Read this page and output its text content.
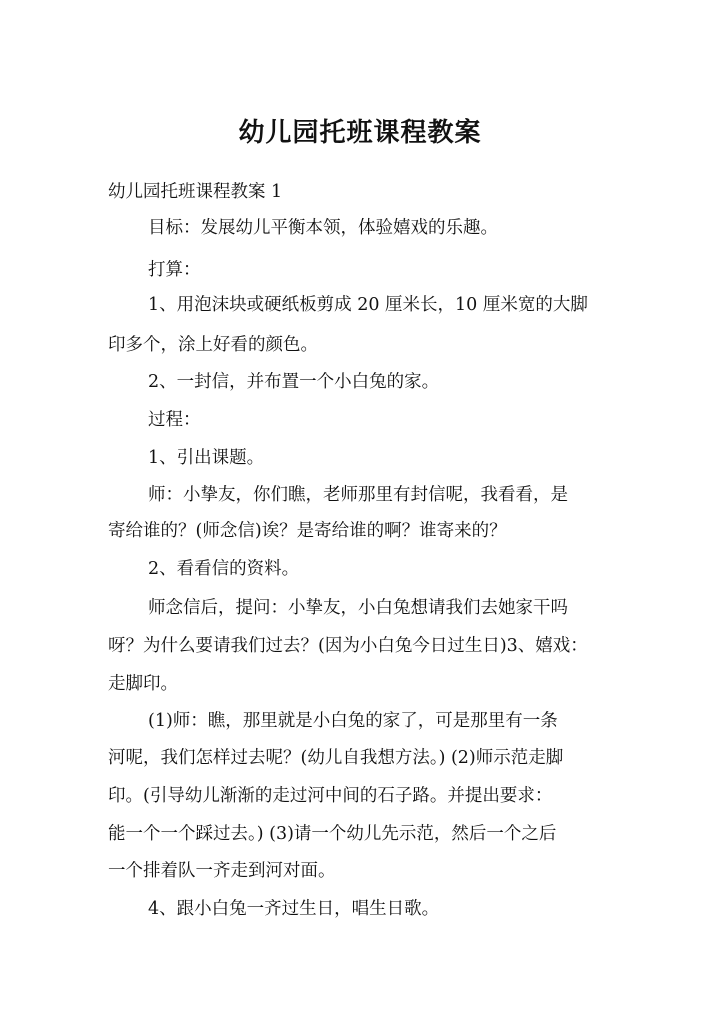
幼儿园托班课程教案

幼儿园托班课程教案 1

目标：发展幼儿平衡本领，体验嬉戏的乐趣。

打算：

1、用泡沫块或硬纸板剪成 20 厘米长，10 厘米宽的大脚

印多个，涂上好看的颜色。

2、一封信，并布置一个小白兔的家。

过程：

1、引出课题。

师：小挚友，你们瞧，老师那里有封信呢，我看看，是

寄给谁的？(师念信)诶？是寄给谁的啊？谁寄来的？

2、看看信的资料。

师念信后，提问：小挚友，小白兔想请我们去她家干吗

呀？为什么要请我们过去？(因为小白兔今日过生日)3、嬉戏：

走脚印。

(1)师：瞧，那里就是小白兔的家了，可是那里有一条

河呢，我们怎样过去呢？(幼儿自我想方法。) (2)师示范走脚

印。(引导幼儿渐渐的走过河中间的石子路。并提出要求：

能一个一个踩过去。) (3)请一个幼儿先示范，然后一个之后

一个排着队一齐走到河对面。

4、跟小白兔一齐过生日，唱生日歌。
